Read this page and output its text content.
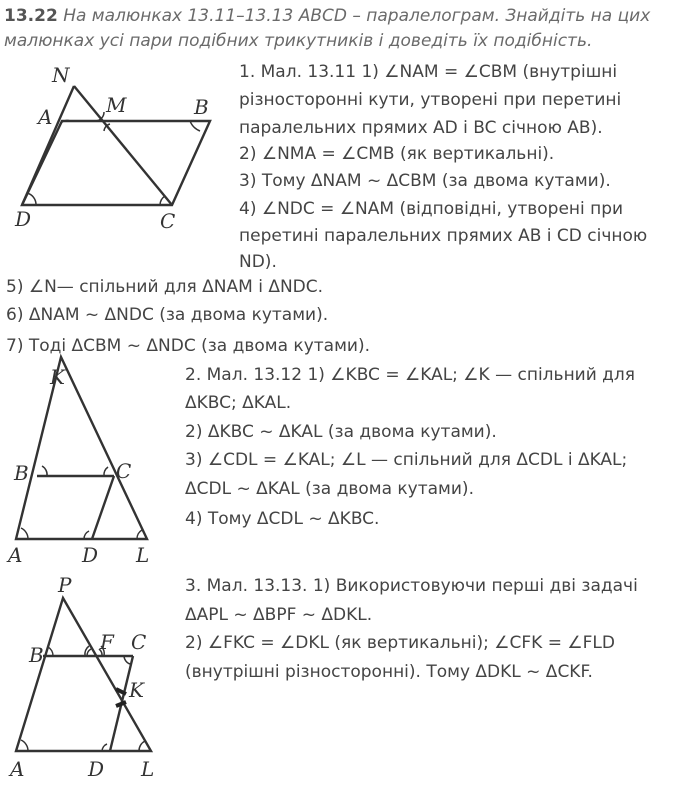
13.22 На малюнках 13.11–13.13 ABCD – паралелограм. Знайдіть на цих малюнках усі пари подібних трикутників і доведіть їх подібність.
N
A	M	B
D	C
K
B	C
A	D L
P
B
F C
K
A	D L
1. Мал. 13.11 1) ∠NAM = ∠CBM (внутрішні
різносторонні кути, утворені при перетині
паралельних прямих AD і BC січною AB).
2) ∠NMA = ∠CMB (як вертикальні).
3) Тому ΔNAM ~ ΔCBM (за двома кутами).
4) ∠NDC = ∠NAM (відповідні, утворені при
перетині паралельних прямих AB і CD січною
ND).
5) ∠N— спільний для ΔNAM і ΔNDC.
6) ΔNAM ~ ΔNDC (за двома кутами).
7) Тоді ΔCBM ~ ΔNDC (за двома кутами).
2. Мал. 13.12 1) ∠KBC = ∠KAL; ∠K — спільний для
ΔKBC; ΔKAL.
2) ΔKBC ~ ΔKAL (за двома кутами).
3) ∠CDL = ∠KAL; ∠L — спільний для ΔCDL і ΔKAL;
ΔCDL ~ ΔKAL (за двома кутами).
4) Тому ΔCDL ~ ΔKBC.
3. Мал. 13.13. 1) Використовуючи перші дві задачі
ΔAPL ~ ΔBPF ~ ΔDKL.
2) ∠FKC = ∠DKL (як вертикальні); ∠CFK = ∠FLD
(внутрішні різносторонні). Тому ΔDKL ~ ΔCKF.
